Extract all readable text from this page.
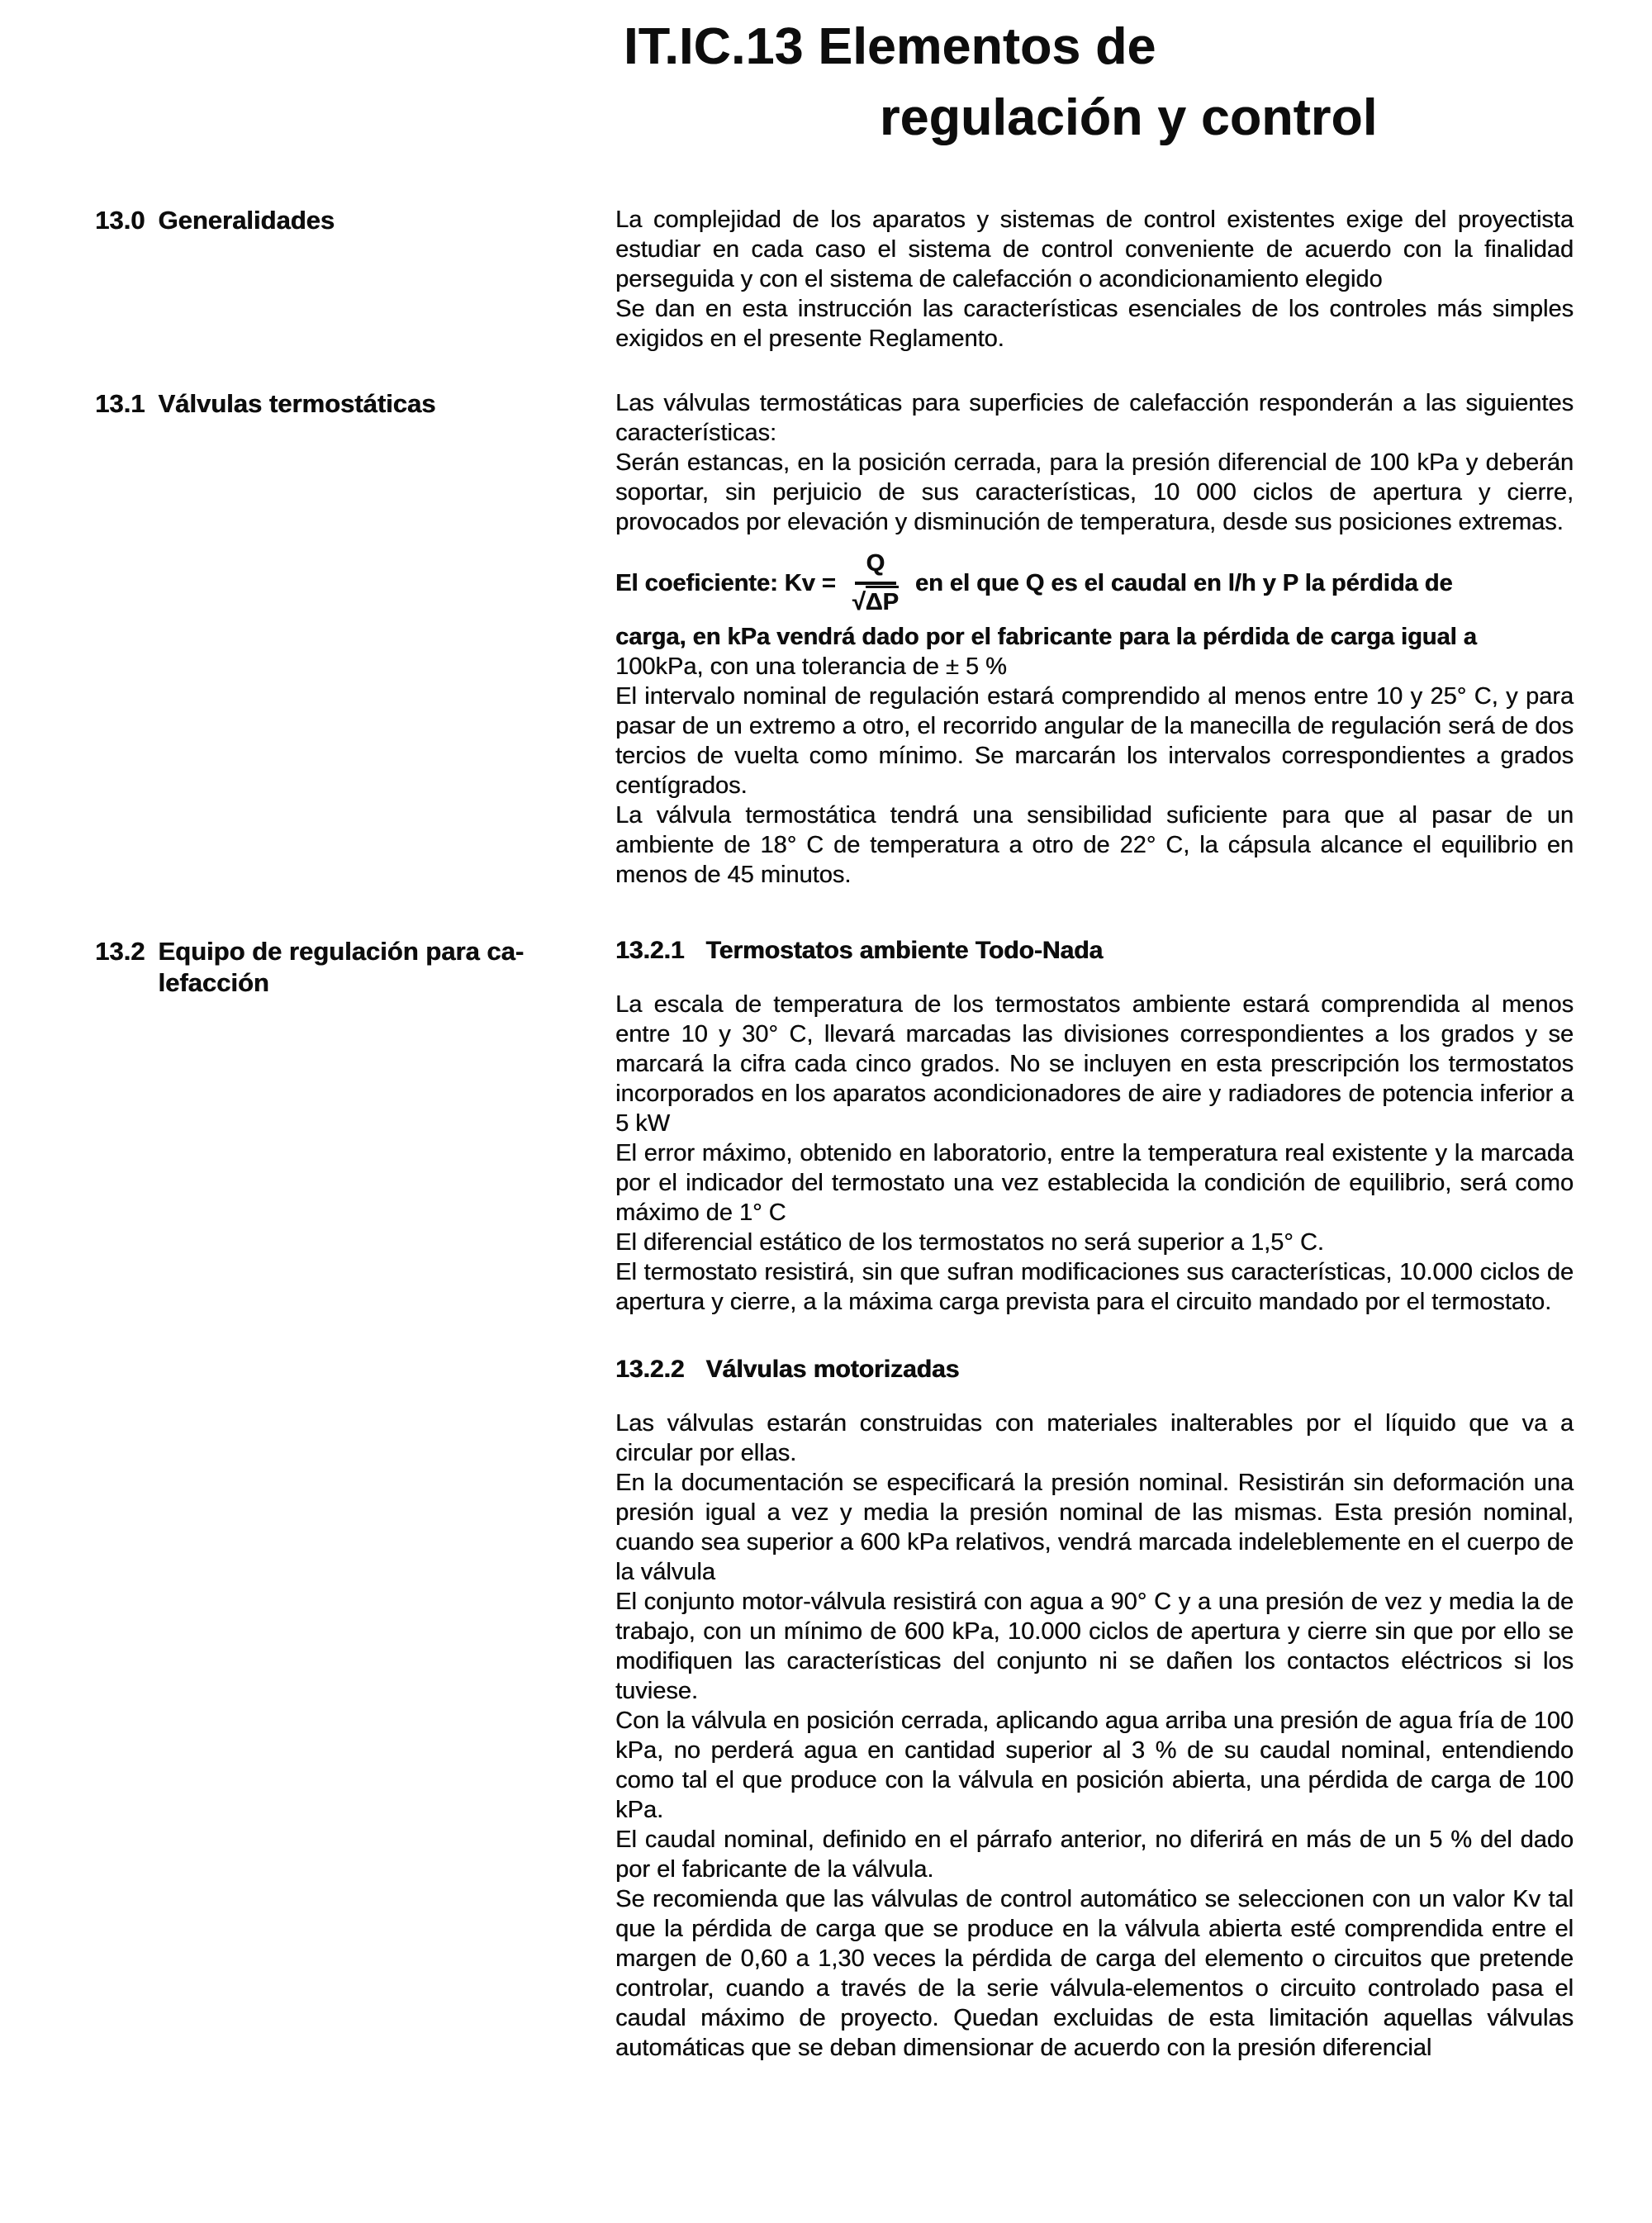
IT.IC.13 Elementos de
regulación y control
13.0 Generalidades	La complejidad de los aparatos y sistemas de control existentes exige del proyectista estudiar en cada caso el sistema de control conveniente de acuerdo con la finalidad perseguida y con el sistema de calefacción o acondicionamiento elegido

Se dan en esta instrucción las características esenciales de los controles más simples exigidos en el presente Reglamento.

13.1 Válvulas termostáticas	Las válvulas termostáticas para superficies de calefacción responderán a las siguientes características:

Serán estancas, en la posición cerrada, para la presión diferencial de 100 kPa y deberán soportar, sin perjuicio de sus características, 10 000 ciclos de apertura y cierre, provocados por elevación y disminución de temperatura, desde sus posiciones extremas.

El coeficiente: $Kv = \frac{Q}{√\Delta P}$ en el que Q es el caudal en l/h y P la pérdida de

carga, en kPa vendrá dado por el fabricante para la pérdida de carga igual a

100kPa, con una tolerancia de ± 5 %

El intervalo nominal de regulación estará comprendido al menos entre 10 y 25° C, y para pasar de un extremo a otro, el recorrido angular de la manecilla de regulación será de dos tercios de vuelta como mínimo. Se marcarán los intervalos correspondientes a grados centígrados.

La válvula termostática tendrá una sensibilidad suficiente para que al pasar de un ambiente de 18° C de temperatura a otro de 22° C, la cápsula alcance el equilibrio en menos de 45 minutos.

13.2 Equipo de regulación para ca-
lefacción
13.2.1 Termostatos ambiente Todo-Nada

La escala de temperatura de los termostatos ambiente estará comprendida al menos entre 10 y 30° C, llevará marcadas las divisiones correspondientes a los grados y se marcará la cifra cada cinco grados. No se incluyen en esta prescripción los termostatos incorporados en los aparatos acondicionadores de aire y radiadores de potencia inferior a 5 kW

El error máximo, obtenido en laboratorio, entre la temperatura real existente y la marcada por el indicador del termostato una vez establecida la condición de equilibrio, será como máximo de 1° C

El diferencial estático de los termostatos no será superior a 1,5° C.

El termostato resistirá, sin que sufran modificaciones sus características, 10.000 ciclos de apertura y cierre, a la máxima carga prevista para el circuito mandado por el termostato.

13.2.2 Válvulas motorizadas

Las válvulas estarán construidas con materiales inalterables por el líquido que va a circular por ellas.

En la documentación se especificará la presión nominal. Resistirán sin deformación una presión igual a vez y media la presión nominal de las mismas. Esta presión nominal, cuando sea superior a 600 kPa relativos, vendrá marcada indeleblemente en el cuerpo de la válvula

El conjunto motor-válvula resistirá con agua a 90° C y a una presión de vez y media la de trabajo, con un mínimo de 600 kPa, 10.000 ciclos de apertura y cierre sin que por ello se modifiquen las características del conjunto ni se dañen los contactos eléctricos si los tuviese.

Con la válvula en posición cerrada, aplicando agua arriba una presión de agua fría de 100 kPa, no perderá agua en cantidad superior al 3 % de su caudal nominal, entendiendo como tal el que produce con la válvula en posición abierta, una pérdida de carga de 100 kPa.

El caudal nominal, definido en el párrafo anterior, no diferirá en más de un 5 % del dado por el fabricante de la válvula.

Se recomienda que las válvulas de control automático se seleccionen con un valor Kv tal que la pérdida de carga que se produce en la válvula abierta esté comprendida entre el margen de 0,60 a 1,30 veces la pérdida de carga del elemento o circuitos que pretende controlar, cuando a través de la serie válvula-elementos o circuito controlado pasa el caudal máximo de proyecto. Quedan excluidas de esta limitación aquellas válvulas automáticas que se deban dimensionar de acuerdo con la presión diferencial
